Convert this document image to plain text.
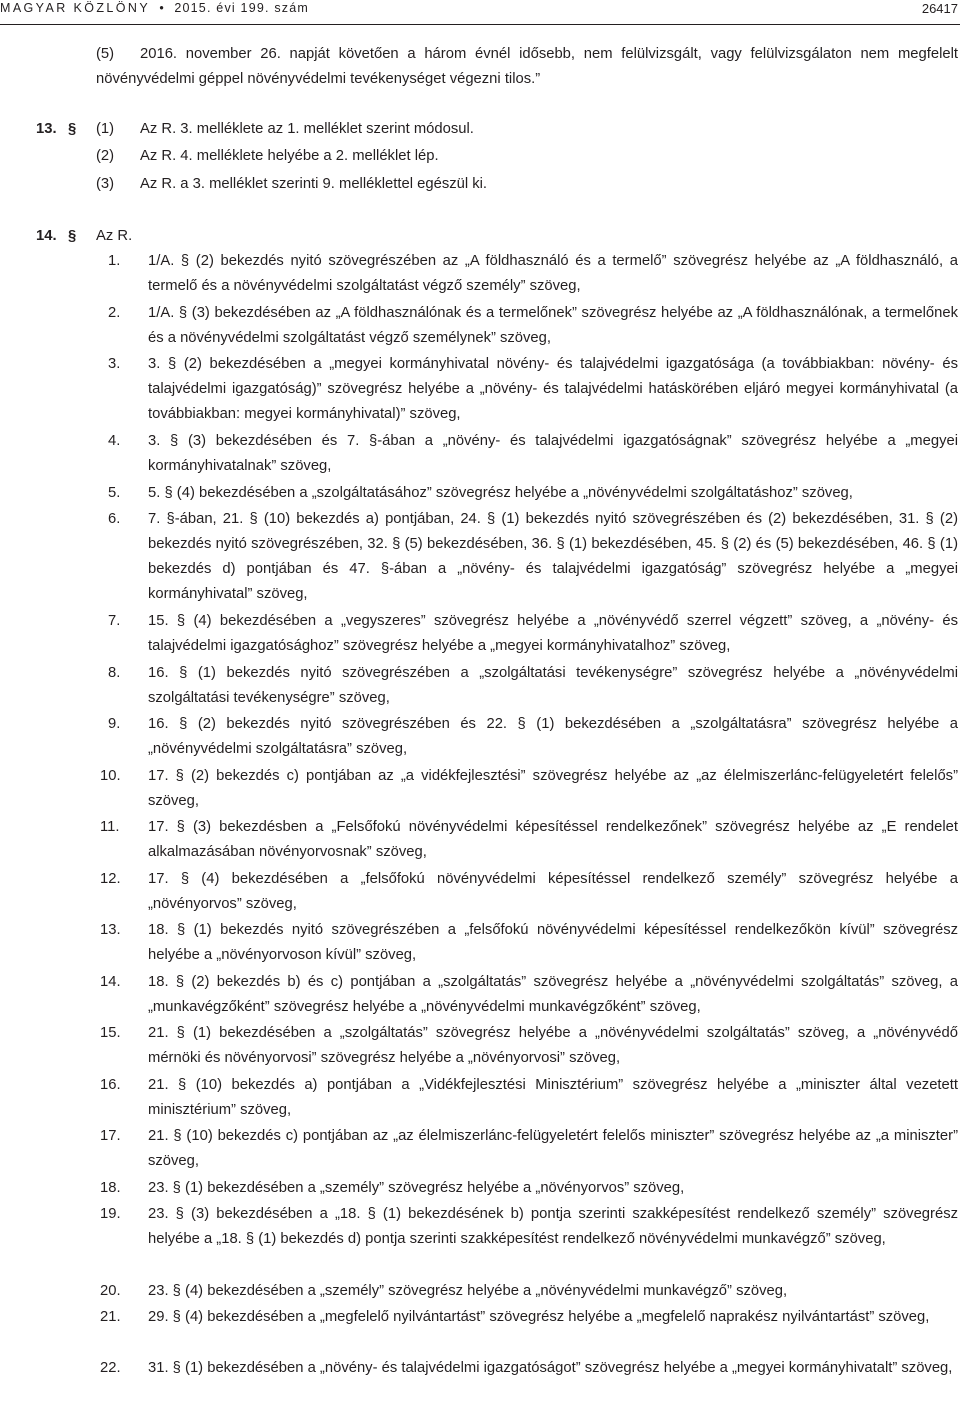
MAGYAR KÖZLÖNY  •  2015. évi 199. szám	26417
(5)	2016. november 26. napját követően a három évnél idősebb, nem felülvizsgált, vagy felülvizsgálaton nem megfelelt növényvédelmi géppel növényvédelmi tevékenységet végezni tilos.”

13. § (1) Az R. 3. melléklete az 1. melléklet szerint módosul.
(2) Az R. 4. melléklete helyébe a 2. melléklet lép.
(3) Az R. a 3. melléklet szerinti 9. melléklettel egészül ki.
14. § Az R.
1. 1/A. § (2) bekezdés nyitó szövegrészében az „A földhasználó és a termelő” szövegrész helyébe az „A földhasználó, a termelő és a növényvédelmi szolgáltatást végző személy” szöveg,

2. 1/A. § (3) bekezdésében az „A földhasználónak és a termelőnek” szövegrész helyébe az „A földhasználónak, a termelőnek és a növényvédelmi szolgáltatást végző személynek” szöveg,

3. 3. § (2) bekezdésében a „megyei kormányhivatal növény- és talajvédelmi igazgatósága (a továbbiakban: növény- és talajvédelmi igazgatóság)” szövegrész helyébe a „növény- és talajvédelmi hatáskörében eljáró megyei kormányhivatal (a továbbiakban: megyei kormányhivatal)” szöveg,

4. 3. § (3) bekezdésében és 7. §-ában a „növény- és talajvédelmi igazgatóságnak” szövegrész helyébe a „megyei kormányhivatalnak” szöveg,

5. 5. § (4) bekezdésében a „szolgáltatásához” szövegrész helyébe a „növényvédelmi szolgáltatáshoz” szöveg,

6. 7. §-ában, 21. § (10) bekezdés a) pontjában, 24. § (1) bekezdés nyitó szövegrészében és (2) bekezdésében, 31. § (2) bekezdés nyitó szövegrészében, 32. § (5) bekezdésében, 36. § (1) bekezdésében, 45. § (2) és (5) bekezdésében, 46. § (1) bekezdés d) pontjában és 47. §-ában a „növény- és talajvédelmi igazgatóság” szövegrész helyébe a „megyei kormányhivatal” szöveg,

7. 15. § (4) bekezdésében a „vegyszeres” szövegrész helyébe a „növényvédő szerrel végzett” szöveg, a „növény- és talajvédelmi igazgatósághoz” szövegrész helyébe a „megyei kormányhivatalhoz” szöveg,

8. 16. § (1) bekezdés nyitó szövegrészében a „szolgáltatási tevékenységre” szövegrész helyébe a „növényvédelmi szolgáltatási tevékenységre” szöveg,

9. 16. § (2) bekezdés nyitó szövegrészében és 22. § (1) bekezdésében a „szolgáltatásra” szövegrész helyébe a „növényvédelmi szolgáltatásra” szöveg,

10. 17. § (2) bekezdés c) pontjában az „a vidékfejlesztési” szövegrész helyébe az „az élelmiszerlánc-felügyeletért felelős” szöveg,

11. 17. § (3) bekezdésben a „Felsőfokú növényvédelmi képesítéssel rendelkezőnek” szövegrész helyébe az „E rendelet alkalmazásában növényorvosnak” szöveg,

12. 17. § (4) bekezdésében a „felsőfokú növényvédelmi képesítéssel rendelkező személy” szövegrész helyébe a „növényorvos” szöveg,

13. 18. § (1) bekezdés nyitó szövegrészében a „felsőfokú növényvédelmi képesítéssel rendelkezőkön kívül” szövegrész helyébe a „növényorvoson kívül” szöveg,

14. 18. § (2) bekezdés b) és c) pontjában a „szolgáltatás” szövegrész helyébe a „növényvédelmi szolgáltatás” szöveg, a „munkavégzőként” szövegrész helyébe a „növényvédelmi munkavégzőként” szöveg,

15. 21. § (1) bekezdésében a „szolgáltatás” szövegrész helyébe a „növényvédelmi szolgáltatás” szöveg, a „növényvédő mérnöki és növényorvosi” szövegrész helyébe a „növényorvosi” szöveg,

16. 21. § (10) bekezdés a) pontjában a „Vidékfejlesztési Minisztérium” szövegrész helyébe a „miniszter által vezetett minisztérium” szöveg,

17. 21. § (10) bekezdés c) pontjában az „az élelmiszerlánc-felügyeletért felelős miniszter” szövegrész helyébe az „a miniszter” szöveg,

18. 23. § (1) bekezdésében a „személy” szövegrész helyébe a „növényorvos” szöveg,

19. 23. § (3) bekezdésében a „18. § (1) bekezdésének b) pontja szerinti szakképesítést rendelkező személy” szövegrész helyébe a „18. § (1) bekezdés d) pontja szerinti szakképesítést rendelkező növényvédelmi munkavégző” szöveg,

20. 23. § (4) bekezdésében a „személy” szövegrész helyébe a „növényvédelmi munkavégző” szöveg,

21. 29. § (4) bekezdésében a „megfelelő nyilvántartást” szövegrész helyébe a „megfelelő naprakész nyilvántartást” szöveg,

22. 31. § (1) bekezdésében a „növény- és talajvédelmi igazgatóságot” szövegrész helyébe a „megyei kormányhivatalt” szöveg,
